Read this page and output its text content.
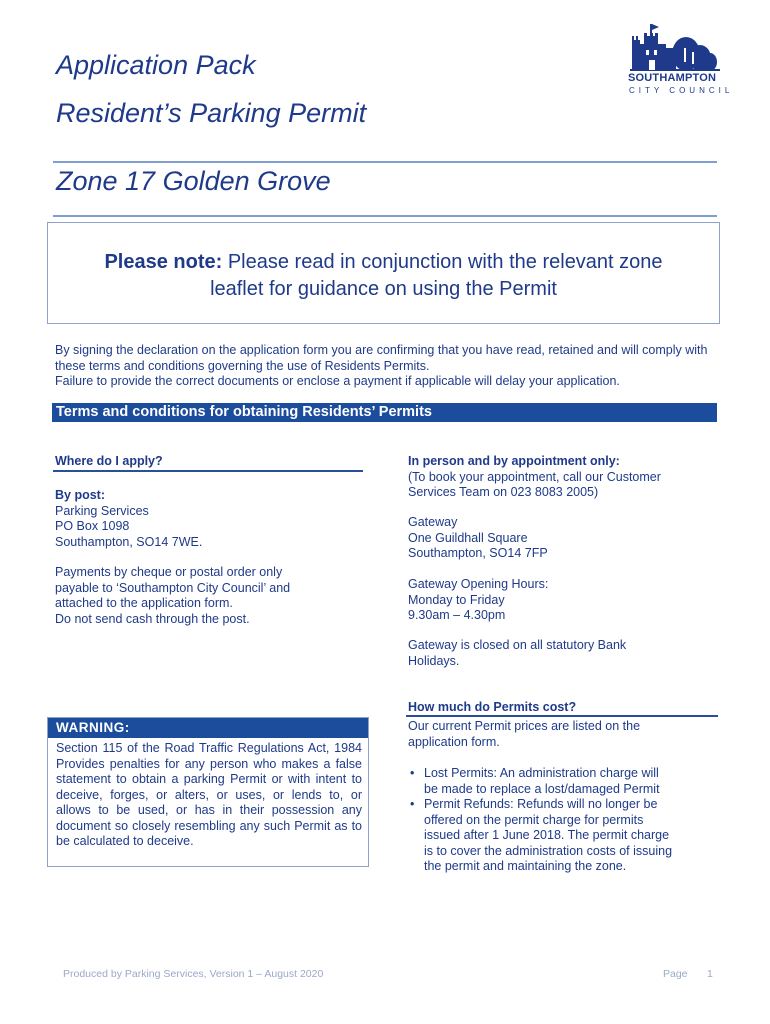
Application Pack
Resident’s Parking Permit
Zone 17 Golden Grove
SOUTHAMPTON
CITY COUNCIL
Please note: Please read in conjunction with the relevant zone
leaflet for guidance on using the Permit

By signing the declaration on the application form you are confirming that you have read, retained and will comply with these terms and conditions governing the use of Residents Permits.

Failure to provide the correct documents or enclose a payment if applicable will delay your application.

Terms and conditions for obtaining Residents’ Permits

Where do I apply?

By post:

Parking Services

PO Box 1098

Southampton, SO14 7WE.

Payments by cheque or postal order only

payable to ‘Southampton City Council’ and

attached to the application form.

Do not send cash through the post.

WARNING:
Section 115 of the Road Traffic Regulations Act, 1984 Provides penalties for any person who makes a false statement to obtain a parking Permit or with intent to deceive, forges, or alters, or uses, or lends to, or allows to be used, or has in their possession any document so closely resembling any such Permit as to be calculated to deceive.

In person and by appointment only:

(To book your appointment, call our Customer

Services Team on 023 8083 2005)

Gateway

One Guildhall Square

Southampton, SO14 7FP

Gateway Opening Hours:

Monday to Friday

9.30am – 4.30pm

Gateway is closed on all statutory Bank

Holidays.

How much do Permits cost?

Our current Permit prices are listed on the

application form.

• Lost Permits: An administration charge will
be made to replace a lost/damaged Permit
• Permit Refunds: Refunds will no longer be
offered on the permit charge for permits
issued after 1 June 2018. The permit charge
is to cover the administration costs of issuing
the permit and maintaining the zone.
Produced by Parking Services, Version 1 – August 2020	Page 1
